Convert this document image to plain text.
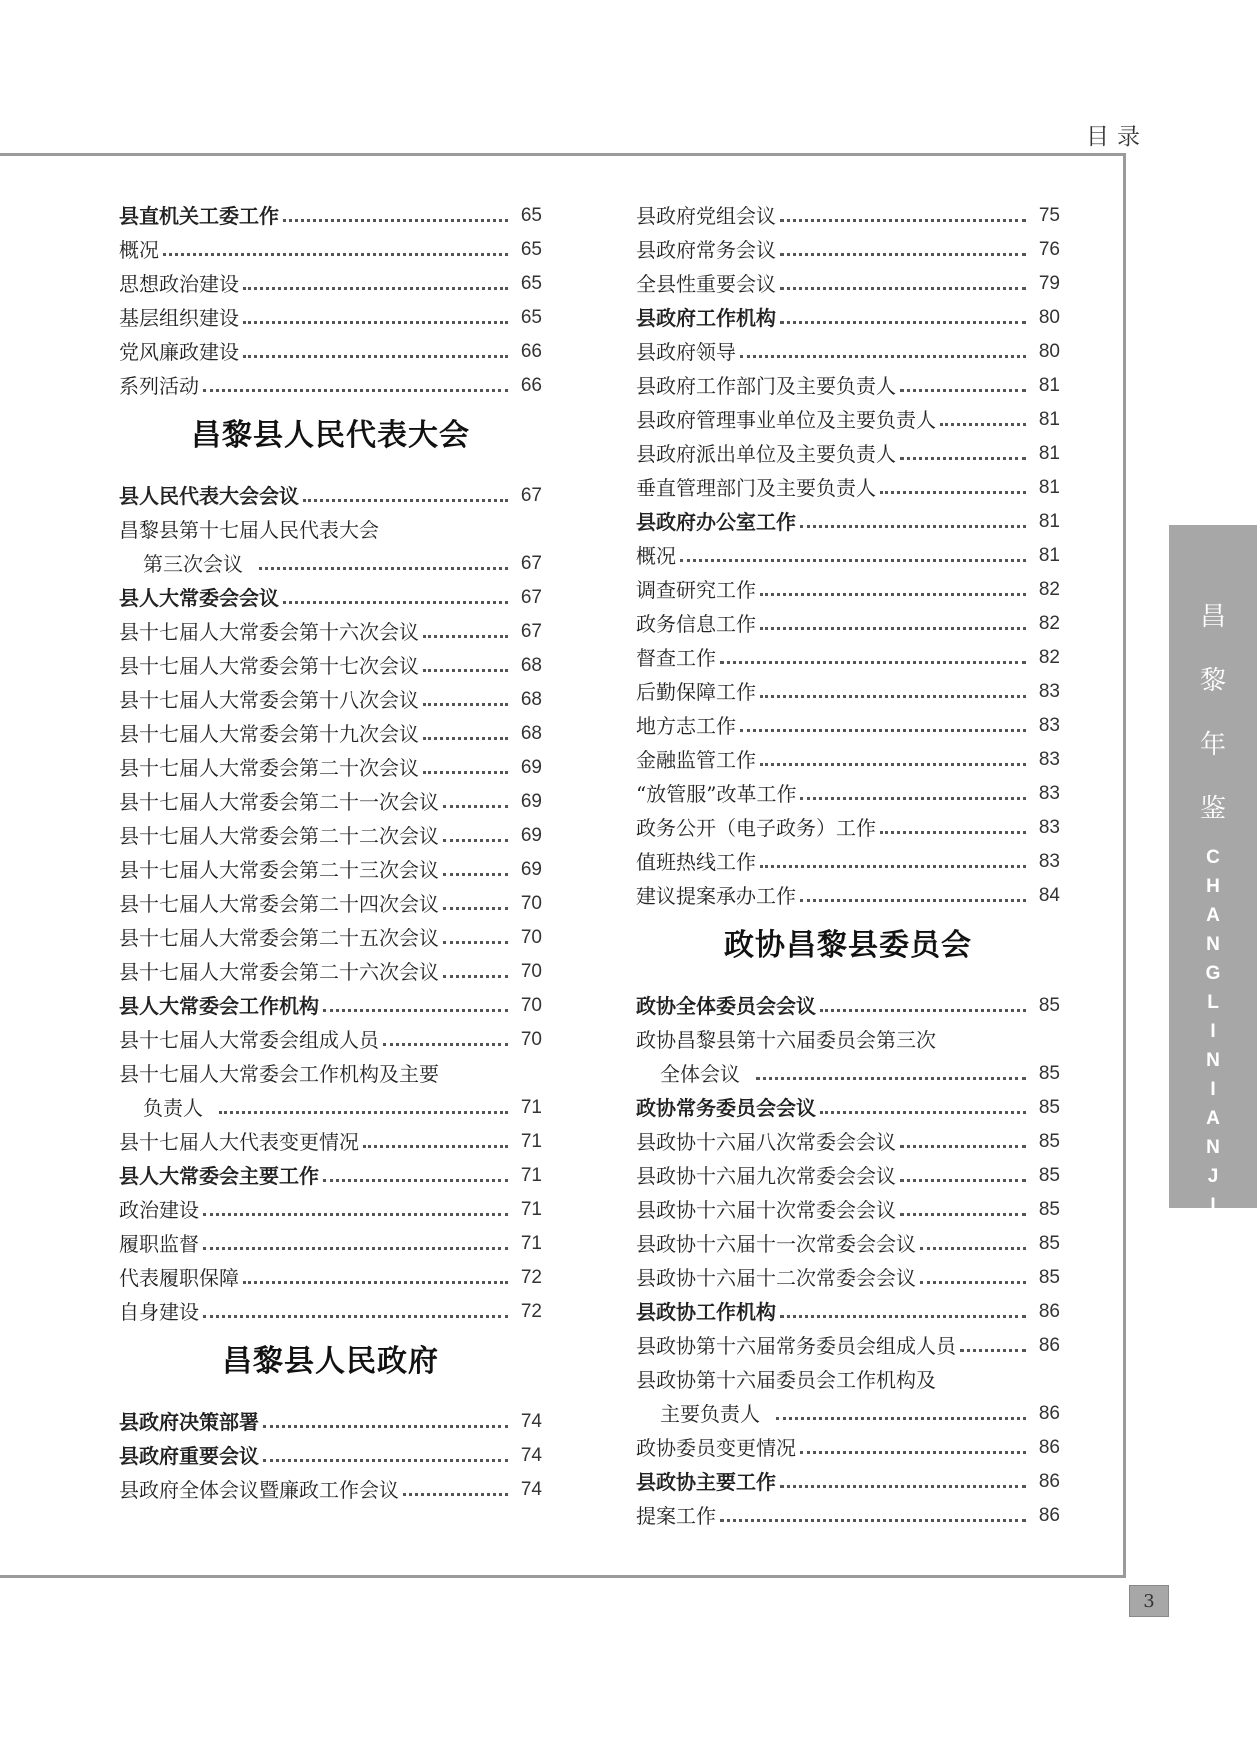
目录
县直机关工委工作	65
概况	65
思想政治建设	65
基层组织建设	65
党风廉政建设	66
系列活动	66
昌黎县人民代表大会
县人民代表大会会议	67
昌黎县第十七届人民代表大会
第三次会议	67
县人大常委会会议	67
县十七届人大常委会第十六次会议	67
县十七届人大常委会第十七次会议	68
县十七届人大常委会第十八次会议	68
县十七届人大常委会第十九次会议	68
县十七届人大常委会第二十次会议	69
县十七届人大常委会第二十一次会议	69
县十七届人大常委会第二十二次会议	69
县十七届人大常委会第二十三次会议	69
县十七届人大常委会第二十四次会议	70
县十七届人大常委会第二十五次会议	70
县十七届人大常委会第二十六次会议	70
县人大常委会工作机构	70
县十七届人大常委会组成人员	70
县十七届人大常委会工作机构及主要
负责人	71
县十七届人大代表变更情况	71
县人大常委会主要工作	71
政治建设	71
履职监督	71
代表履职保障	72
自身建设	72
昌黎县人民政府
县政府决策部署	74
县政府重要会议	74
县政府全体会议暨廉政工作会议	74
县政府党组会议	75
县政府常务会议	76
全县性重要会议	79
县政府工作机构	80
县政府领导	80
县政府工作部门及主要负责人	81
县政府管理事业单位及主要负责人	81
县政府派出单位及主要负责人	81
垂直管理部门及主要负责人	81
县政府办公室工作	81
概况	81
调查研究工作	82
政务信息工作	82
督查工作	82
后勤保障工作	83
地方志工作	83
金融监管工作	83
“放管服”改革工作	83
政务公开（电子政务）工作	83
值班热线工作	83
建议提案承办工作	84
政协昌黎县委员会
政协全体委员会会议	85
政协昌黎县第十六届委员会第三次
全体会议	85
政协常务委员会会议	85
县政协十六届八次常委会会议	85
县政协十六届九次常委会会议	85
县政协十六届十次常委会会议	85
县政协十六届十一次常委会会议	85
县政协十六届十二次常委会会议	85
县政协工作机构	86
县政协第十六届常务委员会组成人员	86
县政协第十六届委员会工作机构及
主要负责人	86
政协委员变更情况	86
县政协主要工作	86
提案工作	86
昌
黎
年
鉴
C
H
A
N
G
L
I
N
I
A
N
J
I
A
N
3
